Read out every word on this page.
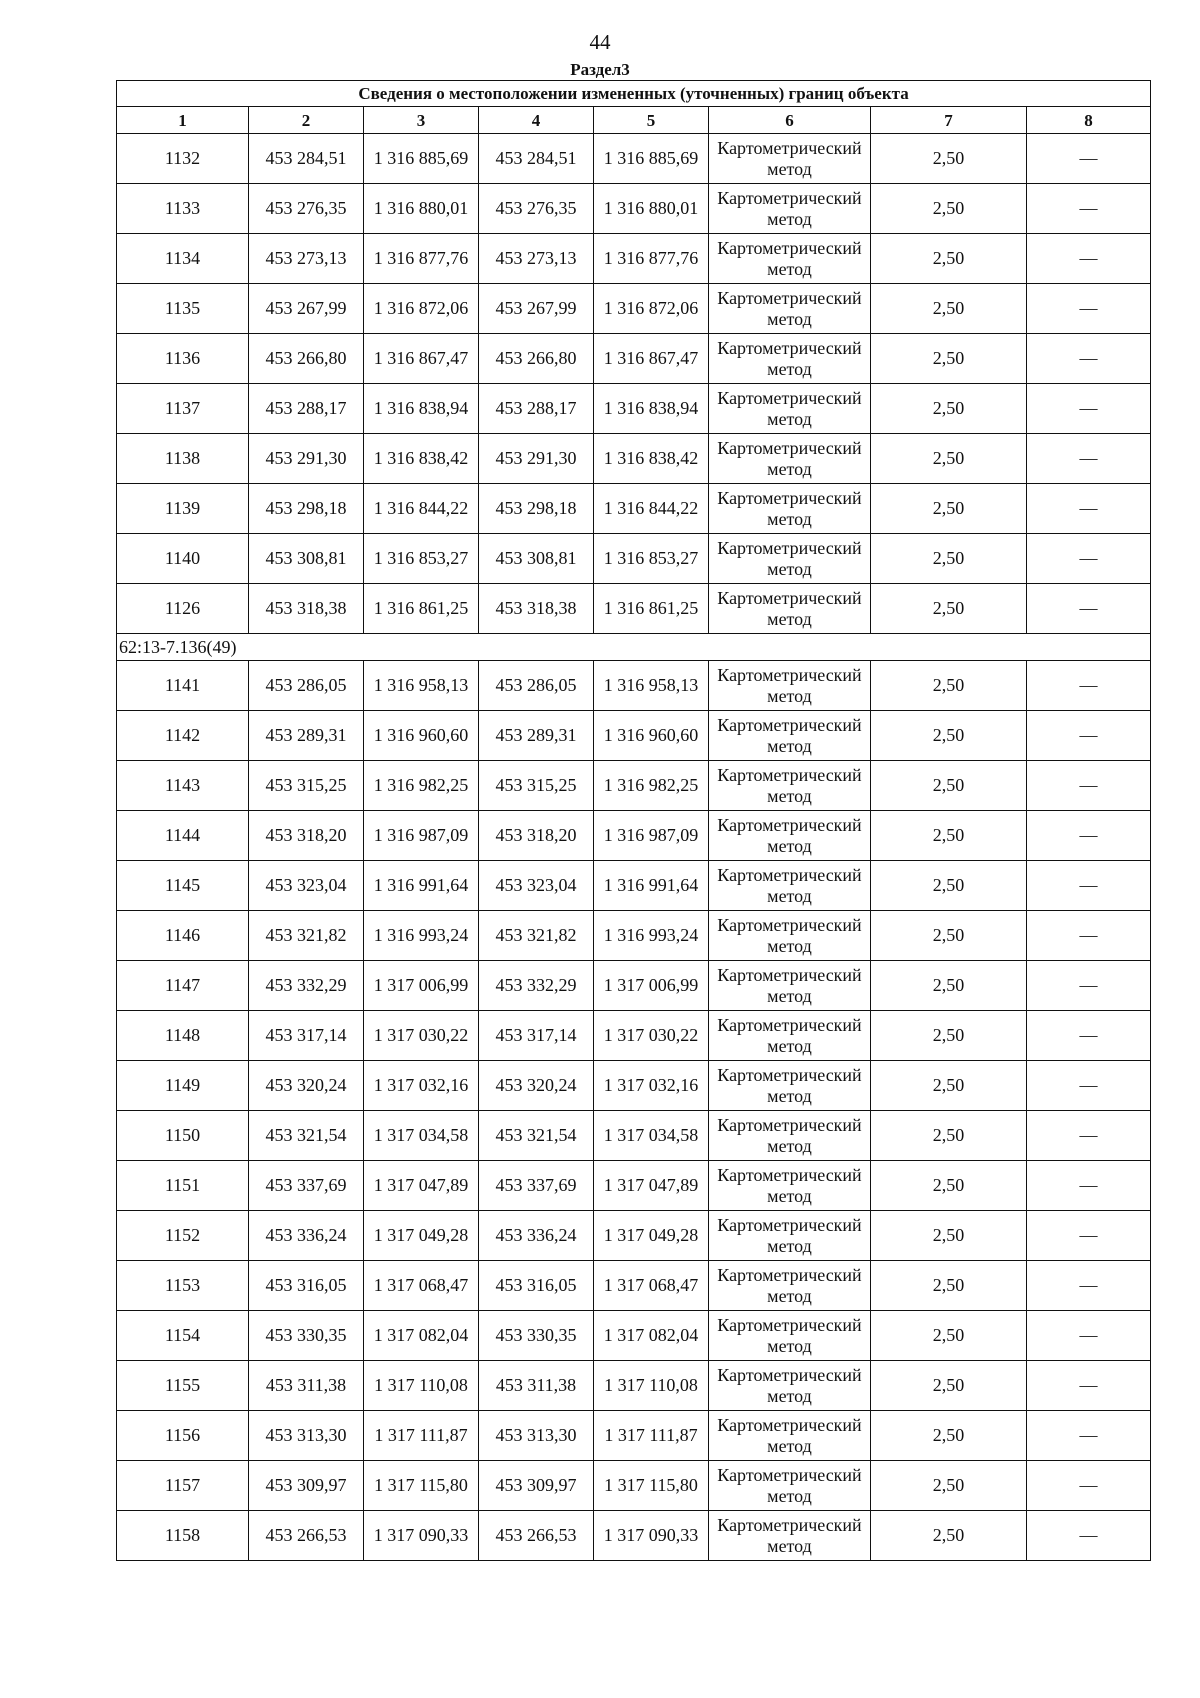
44
Раздел3
Сведения о местоположении измененных (уточненных) границ объекта							
1	2	3	4	5	6	7	8
1132	453 284,51	1 316 885,69	453 284,51	1 316 885,69	Картометрический метод	2,50	—
1133	453 276,35	1 316 880,01	453 276,35	1 316 880,01	Картометрический метод	2,50	—
1134	453 273,13	1 316 877,76	453 273,13	1 316 877,76	Картометрический метод	2,50	—
1135	453 267,99	1 316 872,06	453 267,99	1 316 872,06	Картометрический метод	2,50	—
1136	453 266,80	1 316 867,47	453 266,80	1 316 867,47	Картометрический метод	2,50	—
1137	453 288,17	1 316 838,94	453 288,17	1 316 838,94	Картометрический метод	2,50	—
1138	453 291,30	1 316 838,42	453 291,30	1 316 838,42	Картометрический метод	2,50	—
1139	453 298,18	1 316 844,22	453 298,18	1 316 844,22	Картометрический метод	2,50	—
1140	453 308,81	1 316 853,27	453 308,81	1 316 853,27	Картометрический метод	2,50	—
1126	453 318,38	1 316 861,25	453 318,38	1 316 861,25	Картометрический метод	2,50	—
62:13-7.136(49)							
1141	453 286,05	1 316 958,13	453 286,05	1 316 958,13	Картометрический метод	2,50	—
1142	453 289,31	1 316 960,60	453 289,31	1 316 960,60	Картометрический метод	2,50	—
1143	453 315,25	1 316 982,25	453 315,25	1 316 982,25	Картометрический метод	2,50	—
1144	453 318,20	1 316 987,09	453 318,20	1 316 987,09	Картометрический метод	2,50	—
1145	453 323,04	1 316 991,64	453 323,04	1 316 991,64	Картометрический метод	2,50	—
1146	453 321,82	1 316 993,24	453 321,82	1 316 993,24	Картометрический метод	2,50	—
1147	453 332,29	1 317 006,99	453 332,29	1 317 006,99	Картометрический метод	2,50	—
1148	453 317,14	1 317 030,22	453 317,14	1 317 030,22	Картометрический метод	2,50	—
1149	453 320,24	1 317 032,16	453 320,24	1 317 032,16	Картометрический метод	2,50	—
1150	453 321,54	1 317 034,58	453 321,54	1 317 034,58	Картометрический метод	2,50	—
1151	453 337,69	1 317 047,89	453 337,69	1 317 047,89	Картометрический метод	2,50	—
1152	453 336,24	1 317 049,28	453 336,24	1 317 049,28	Картометрический метод	2,50	—
1153	453 316,05	1 317 068,47	453 316,05	1 317 068,47	Картометрический метод	2,50	—
1154	453 330,35	1 317 082,04	453 330,35	1 317 082,04	Картометрический метод	2,50	—
1155	453 311,38	1 317 110,08	453 311,38	1 317 110,08	Картометрический метод	2,50	—
1156	453 313,30	1 317 111,87	453 313,30	1 317 111,87	Картометрический метод	2,50	—
1157	453 309,97	1 317 115,80	453 309,97	1 317 115,80	Картометрический метод	2,50	—
1158	453 266,53	1 317 090,33	453 266,53	1 317 090,33	Картометрический метод	2,50	—
